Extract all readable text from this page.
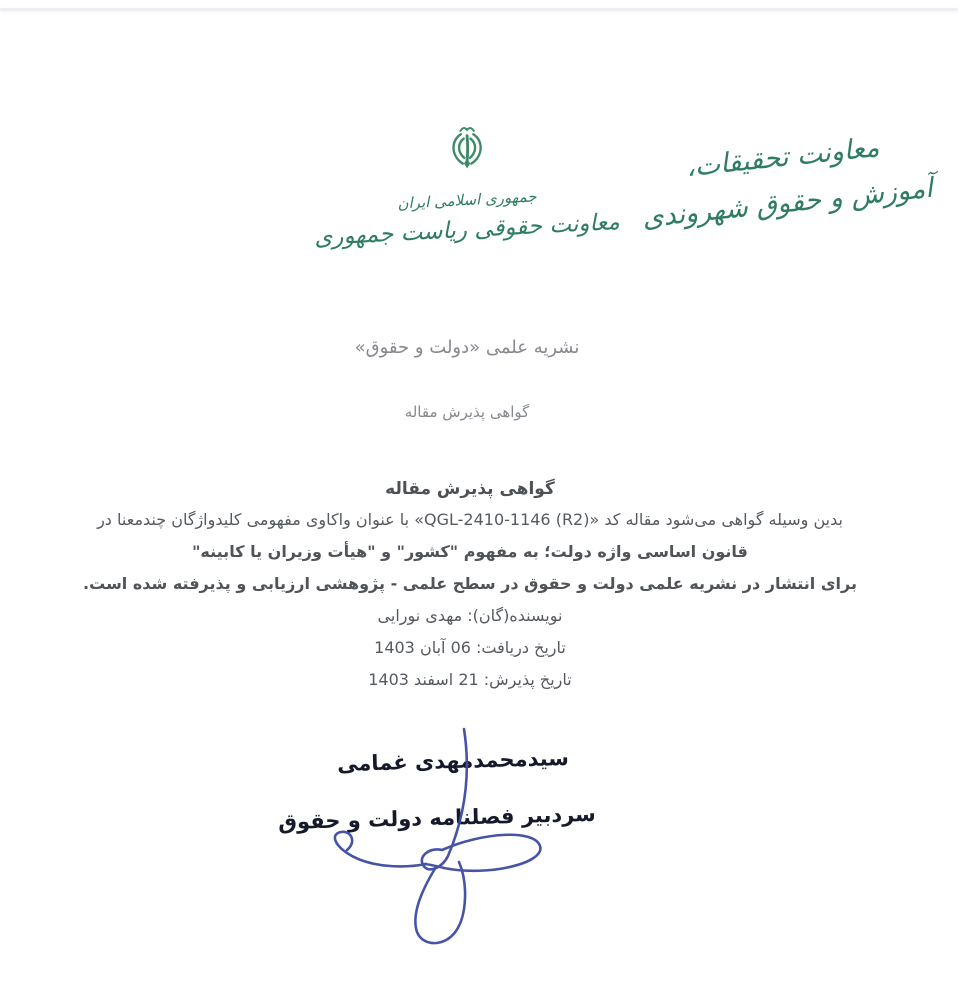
معاونت تحقیقات،
آموزش و حقوق شهروندی
جمهوری اسلامی ایران
معاونت حقوقی ریاست جمهوری
نشریه علمی «دولت و حقوق»
گواهی پذیرش مقاله
گواهی پذیرش مقاله
بدین وسیله گواهی می‌شود مقاله کد «QGL-2410-1146 (R2)» با عنوان واکاوی مفهومی کلیدواژگان چندمعنا در
قانون اساسی واژه دولت؛ به مفهوم "کشور" و "هیأت وزیران یا کابینه"
برای انتشار در نشریه علمی دولت و حقوق در سطح علمی - پژوهشی ارزیابی و پذیرفته شده است.
نویسنده(گان): مهدی نورایی
تاریخ دریافت: 06 آبان 1403
تاریخ پذیرش: 21 اسفند 1403
سیدمحمدمهدی غمامی
سردبیر فصلنامه دولت و حقوق
